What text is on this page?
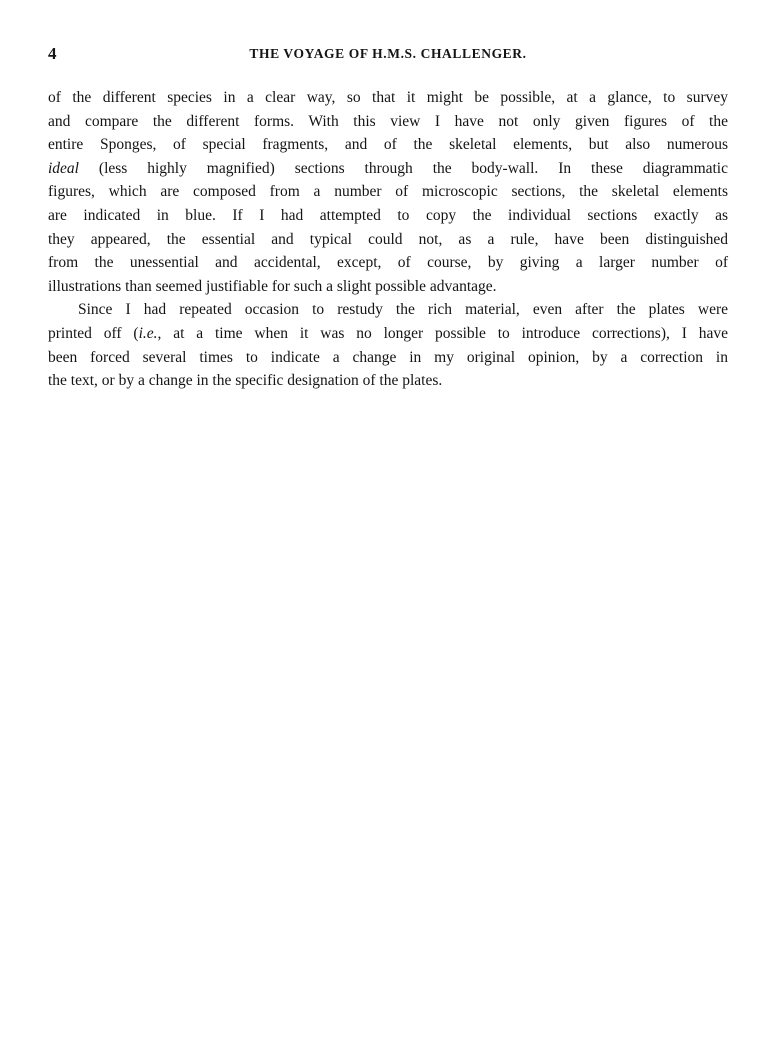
4	THE VOYAGE OF H.M.S. CHALLENGER.
of the different species in a clear way, so that it might be possible, at a glance, to survey
and compare the different forms. With this view I have not only given figures of the
entire Sponges, of special fragments, and of the skeletal elements, but also numerous
ideal (less highly magnified) sections through the body-wall. In these diagrammatic
figures, which are composed from a number of microscopic sections, the skeletal elements
are indicated in blue. If I had attempted to copy the individual sections exactly as
they appeared, the essential and typical could not, as a rule, have been distinguished
from the unessential and accidental, except, of course, by giving a larger number of
illustrations than seemed justifiable for such a slight possible advantage.
Since I had repeated occasion to restudy the rich material, even after the plates were
printed off (i.e., at a time when it was no longer possible to introduce corrections), I have
been forced several times to indicate a change in my original opinion, by a correction in
the text, or by a change in the specific designation of the plates.
